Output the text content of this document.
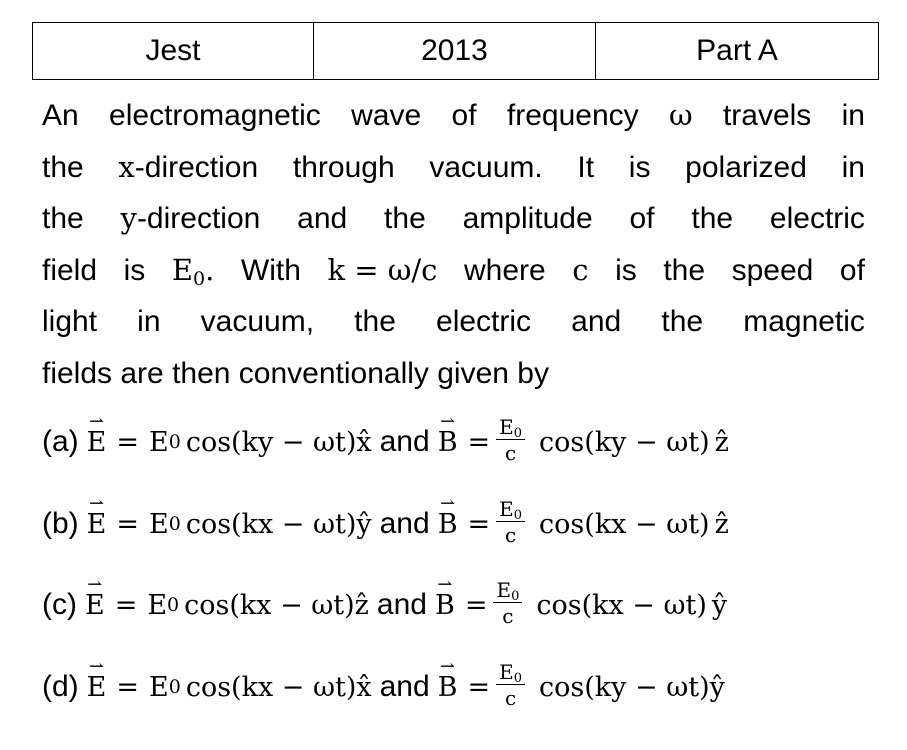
Jest	2013	Part A
An electromagnetic wave of frequency ω travels in
the x-direction through vacuum. It is polarized in
the y-direction and the amplitude of the electric
field is $E_0$. With k = ω/c where c is the speed of
light in vacuum, the electric and the magnetic
fields are then conventionally given by
(a)
⇀
E = E 0 cos(ky − ωt)x̂ and
⇀
$B = \frac{E_0}{c} \cos(ky - \omega t)$ ẑ
(b)
⇀
E = E 0 cos(kx − ωt)ŷ and
⇀
$B = \frac{E_0}{c} \cos(kx - \omega t)$ ẑ
(c)
⇀
E = E 0 cos(kx − ωt)ẑ and
⇀
$B = \frac{E_0}{c} \cos(kx - \omega t)$ ŷ
(d)
⇀
E = E 0 cos(kx − ωt)x̂ and
⇀
$B = \frac{E_0}{c} \cos(ky$ − ωt)ŷ
